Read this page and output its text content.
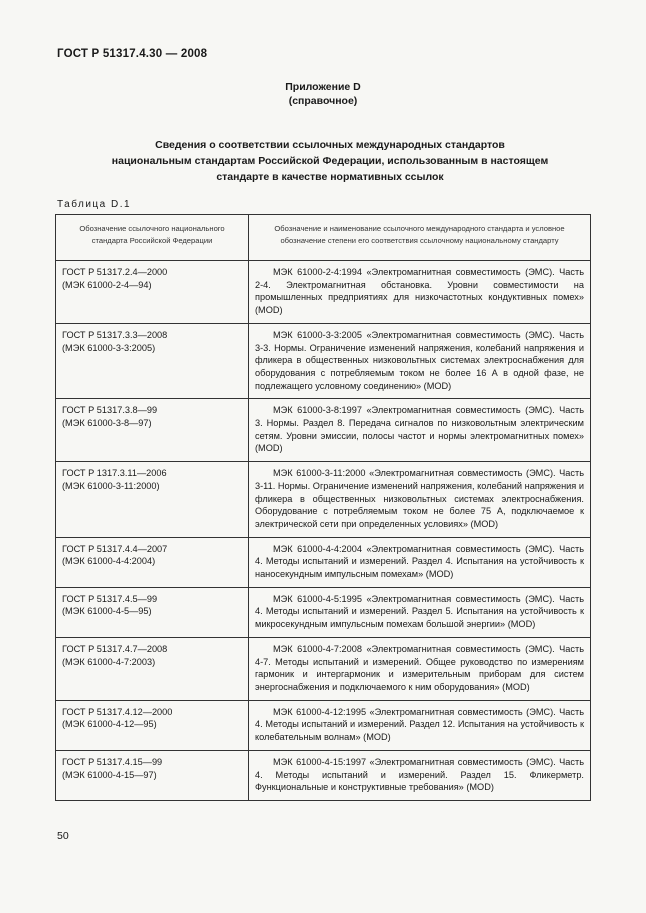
ГОСТ Р 51317.4.30 — 2008
Приложение D
(справочное)
Сведения о соответствии ссылочных международных стандартов
национальным стандартам Российской Федерации, использованным в настоящем
стандарте в качестве нормативных ссылок
Таблица D.1
Обозначение ссылочного национального стандарта Российской Федерации	Обозначение и наименование ссылочного международного стандарта и условное обозначение степени его соответствия ссылочному национальному стандарту

ГОСТ Р 51317.2.4—2000
(МЭК 61000-2-4—94)	МЭК 61000-2-4:1994 «Электромагнитная совместимость (ЭМС). Часть 2-4. Электромагнитная обстановка. Уровни совместимости на промышленных предприятиях для низкочастотных кондуктивных помех» (MOD)

ГОСТ Р 51317.3.3—2008
(МЭК 61000-3-3:2005)	МЭК 61000-3-3:2005 «Электромагнитная совместимость (ЭМС). Часть 3-3. Нормы. Ограничение изменений напряжения, колебаний напряжения и фликера в общественных низковольтных системах электроснабжения для оборудования с потребляемым током не более 16 А в одной фазе, не подлежащего условному соединению» (MOD)

ГОСТ Р 51317.3.8—99
(МЭК 61000-3-8—97)	МЭК 61000-3-8:1997 «Электромагнитная совместимость (ЭМС). Часть 3. Нормы. Раздел 8. Передача сигналов по низковольтным электрическим сетям. Уровни эмиссии, полосы частот и нормы электромагнитных помех» (MOD)

ГОСТ Р 1317.3.11—2006
(МЭК 61000-3-11:2000)	МЭК 61000-3-11:2000 «Электромагнитная совместимость (ЭМС). Часть 3-11. Нормы. Ограничение изменений напряжения, колебаний напряжения и фликера в общественных низковольтных системах электроснабжения. Оборудование с потребляемым током не более 75 А, подключаемое к электрической сети при определенных условиях» (MOD)

ГОСТ Р 51317.4.4—2007
(МЭК 61000-4-4:2004)	МЭК 61000-4-4:2004 «Электромагнитная совместимость (ЭМС). Часть 4. Методы испытаний и измерений. Раздел 4. Испытания на устойчивость к наносекундным импульсным помехам» (MOD)

ГОСТ Р 51317.4.5—99
(МЭК 61000-4-5—95)	МЭК 61000-4-5:1995 «Электромагнитная совместимость (ЭМС). Часть 4. Методы испытаний и измерений. Раздел 5. Испытания на устойчивость к микросекундным импульсным помехам большой энергии» (MOD)

ГОСТ Р 51317.4.7—2008
(МЭК 61000-4-7:2003)	МЭК 61000-4-7:2008 «Электромагнитная совместимость (ЭМС). Часть 4-7. Методы испытаний и измерений. Общее руководство по измерениям гармоник и интергармоник и измерительным приборам для систем энергоснабжения и подключаемого к ним оборудования» (MOD)

ГОСТ Р 51317.4.12—2000
(МЭК 61000-4-12—95)	МЭК 61000-4-12:1995 «Электромагнитная совместимость (ЭМС). Часть 4. Методы испытаний и измерений. Раздел 12. Испытания на устойчивость к колебательным волнам» (MOD)

ГОСТ Р 51317.4.15—99
(МЭК 61000-4-15—97)	МЭК 61000-4-15:1997 «Электромагнитная совместимость (ЭМС). Часть 4. Методы испытаний и измерений. Раздел 15. Фликерметр. Функциональные и конструктивные требования» (MOD)
50
